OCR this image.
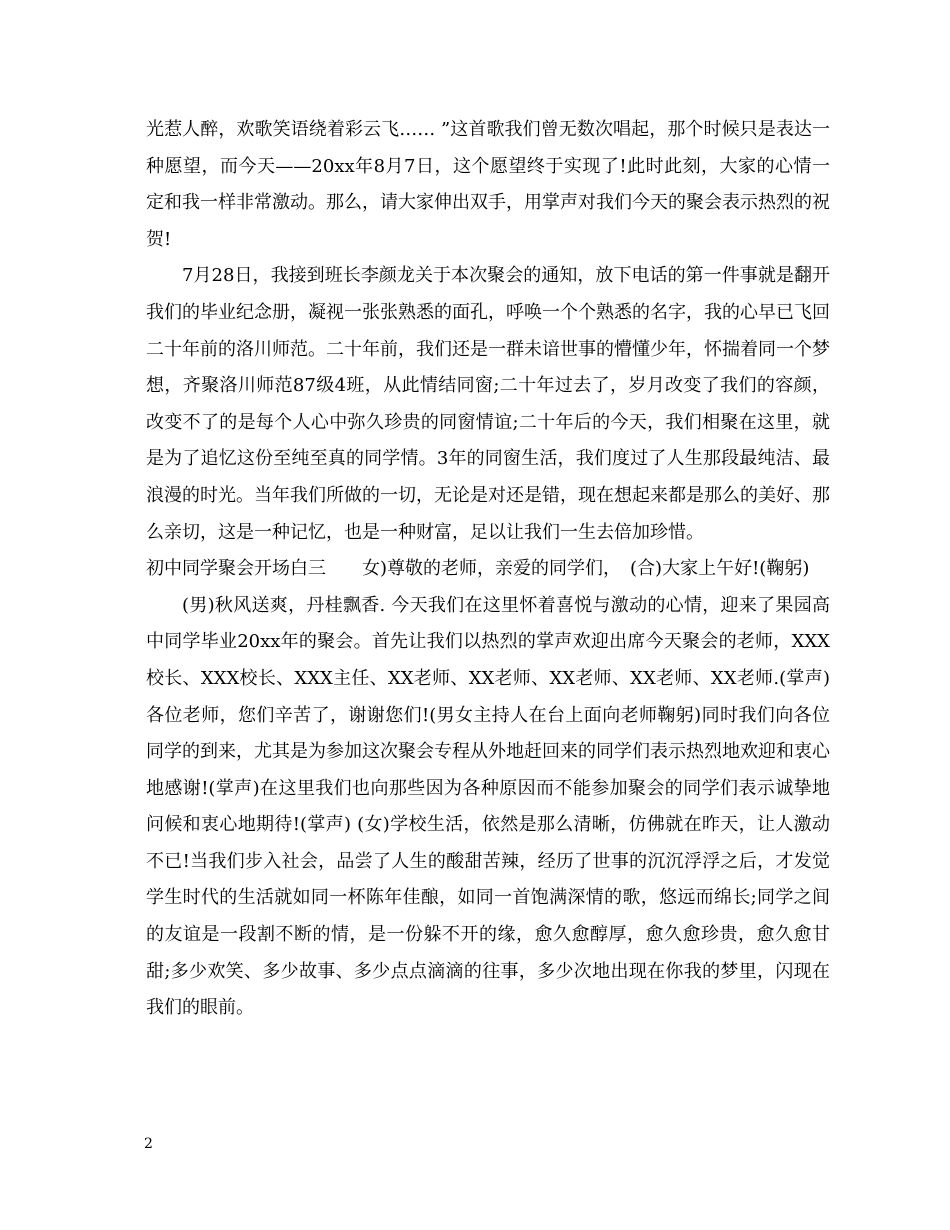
光惹人醉，欢歌笑语绕着彩云飞…… ”这首歌我们曾无数次唱起，那个时候只是表达一种愿望，而今天——20xx年8月7日，这个愿望终于实现了!此时此刻，大家的心情一定和我一样非常激动。那么，请大家伸出双手，用掌声对我们今天的聚会表示热烈的祝贺!

7月28日，我接到班长李颜龙关于本次聚会的通知，放下电话的第一件事就是翻开我们的毕业纪念册，凝视一张张熟悉的面孔，呼唤一个个熟悉的名字，我的心早已飞回二十年前的洛川师范。二十年前，我们还是一群未谙世事的懵懂少年，怀揣着同一个梦想，齐聚洛川师范87级4班，从此情结同窗;二十年过去了，岁月改变了我们的容颜，改变不了的是每个人心中弥久珍贵的同窗情谊;二十年后的今天，我们相聚在这里，就是为了追忆这份至纯至真的同学情。3年的同窗生活，我们度过了人生那段最纯洁、最浪漫的时光。当年我们所做的一切，无论是对还是错，现在想起来都是那么的美好、那么亲切，这是一种记忆，也是一种财富，足以让我们一生去倍加珍惜。

初中同学聚会开场白三　　女)尊敬的老师，亲爱的同学们，　(合)大家上午好!(鞠躬)

(男)秋风送爽，丹桂飘香. 今天我们在这里怀着喜悦与激动的心情，迎来了果园高中同学毕业20xx年的聚会。首先让我们以热烈的掌声欢迎出席今天聚会的老师，XXX校长、XXX校长、XXX主任、XX老师、XX老师、XX老师、XX老师、XX老师.(掌声)各位老师，您们辛苦了，谢谢您们!(男女主持人在台上面向老师鞠躬)同时我们向各位同学的到来，尤其是为参加这次聚会专程从外地赶回来的同学们表示热烈地欢迎和衷心地感谢!(掌声)在这里我们也向那些因为各种原因而不能参加聚会的同学们表示诚挚地问候和衷心地期待!(掌声) (女)学校生活，依然是那么清晰，仿佛就在昨天，让人激动不已!当我们步入社会，品尝了人生的酸甜苦辣，经历了世事的沉沉浮浮之后，才发觉学生时代的生活就如同一杯陈年佳酿，如同一首饱满深情的歌，悠远而绵长;同学之间的友谊是一段割不断的情，是一份躲不开的缘，愈久愈醇厚，愈久愈珍贵，愈久愈甘甜;多少欢笑、多少故事、多少点点滴滴的往事，多少次地出现在你我的梦里，闪现在我们的眼前。

2
